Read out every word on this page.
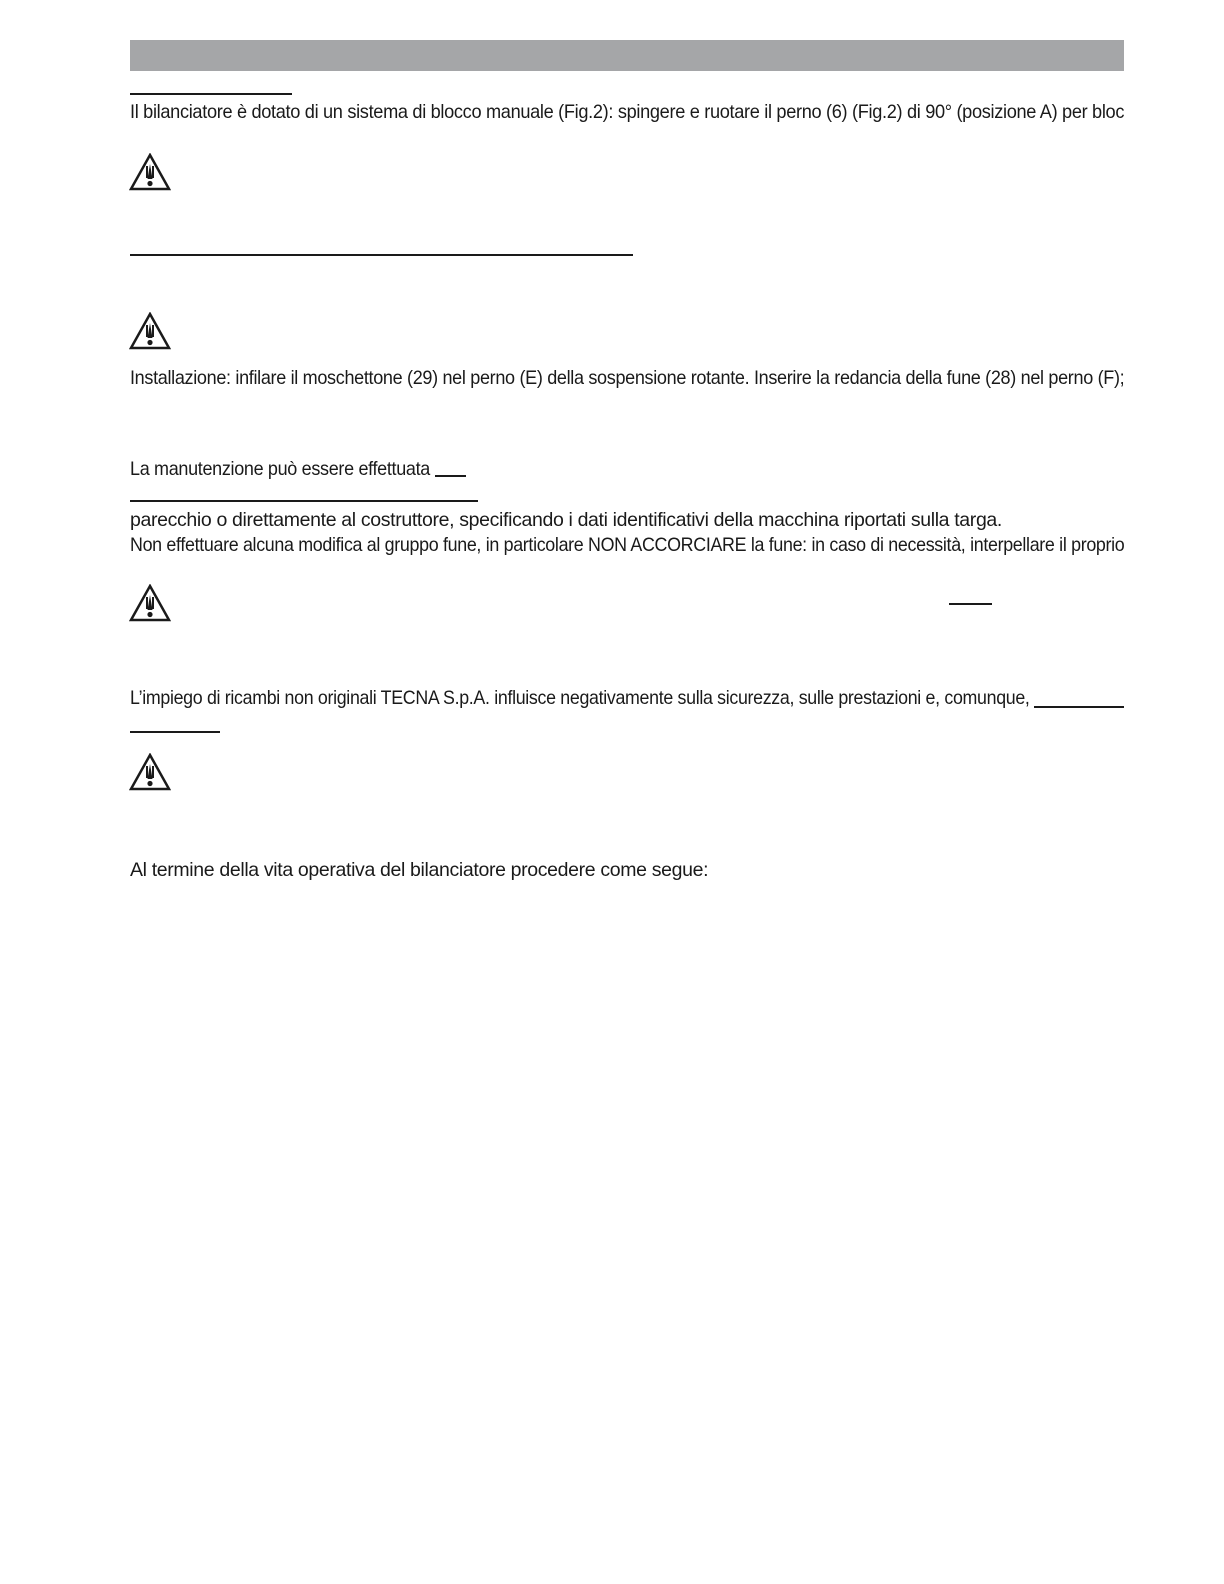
Il bilanciatore è dotato di un sistema di blocco manuale (Fig.2): spingere e ruotare il perno (6) (Fig.2) di 90° (posizione A) per bloc
Installazione: infilare il moschettone (29) nel perno (E) della sospensione rotante. Inserire la redancia della fune (28) nel perno (F);
La manutenzione può essere effettuata
parecchio o direttamente al costruttore, specificando i dati identificativi della macchina riportati sulla targa.
Non effettuare alcuna modifica al gruppo fune, in particolare NON ACCORCIARE la fune: in caso di necessità, interpellare il proprio
L’impiego di ricambi non originali TECNA S.p.A. influisce negativamente sulla sicurezza, sulle prestazioni e, comunque,
Al termine della vita operativa del bilanciatore procedere come segue:
